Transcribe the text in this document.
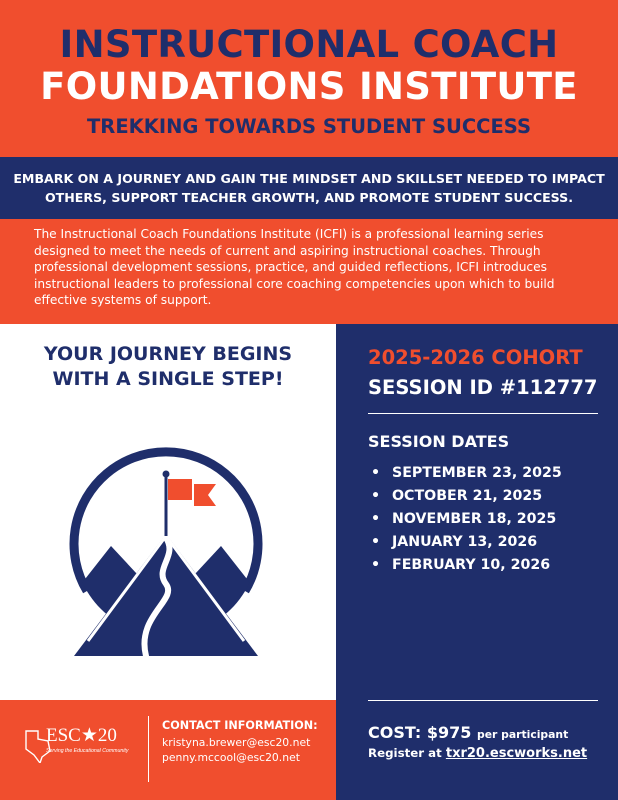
INSTRUCTIONAL COACH
FOUNDATIONS INSTITUTE
TREKKING TOWARDS STUDENT SUCCESS
EMBARK ON A JOURNEY AND GAIN THE MINDSET AND SKILLSET NEEDED TO IMPACT
OTHERS, SUPPORT TEACHER GROWTH, AND PROMOTE STUDENT SUCCESS.
The Instructional Coach Foundations Institute (ICFI) is a professional learning series
designed to meet the needs of current and aspiring instructional coaches. Through
professional development sessions, practice, and guided reflections, ICFI introduces
instructional leaders to professional core coaching competencies upon which to build
effective systems of support.
YOUR JOURNEY BEGINS
WITH A SINGLE STEP!
ESC★20
Serving the Educational Community
CONTACT INFORMATION:
kristyna.brewer@esc20.net
penny.mccool@esc20.net
2025-2026 COHORT
SESSION ID #112777
SESSION DATES
• SEPTEMBER 23, 2025
• OCTOBER 21, 2025
• NOVEMBER 18, 2025
• JANUARY 13, 2026
• FEBRUARY 10, 2026
COST: $975 per participant
Register at txr20.escworks.net
